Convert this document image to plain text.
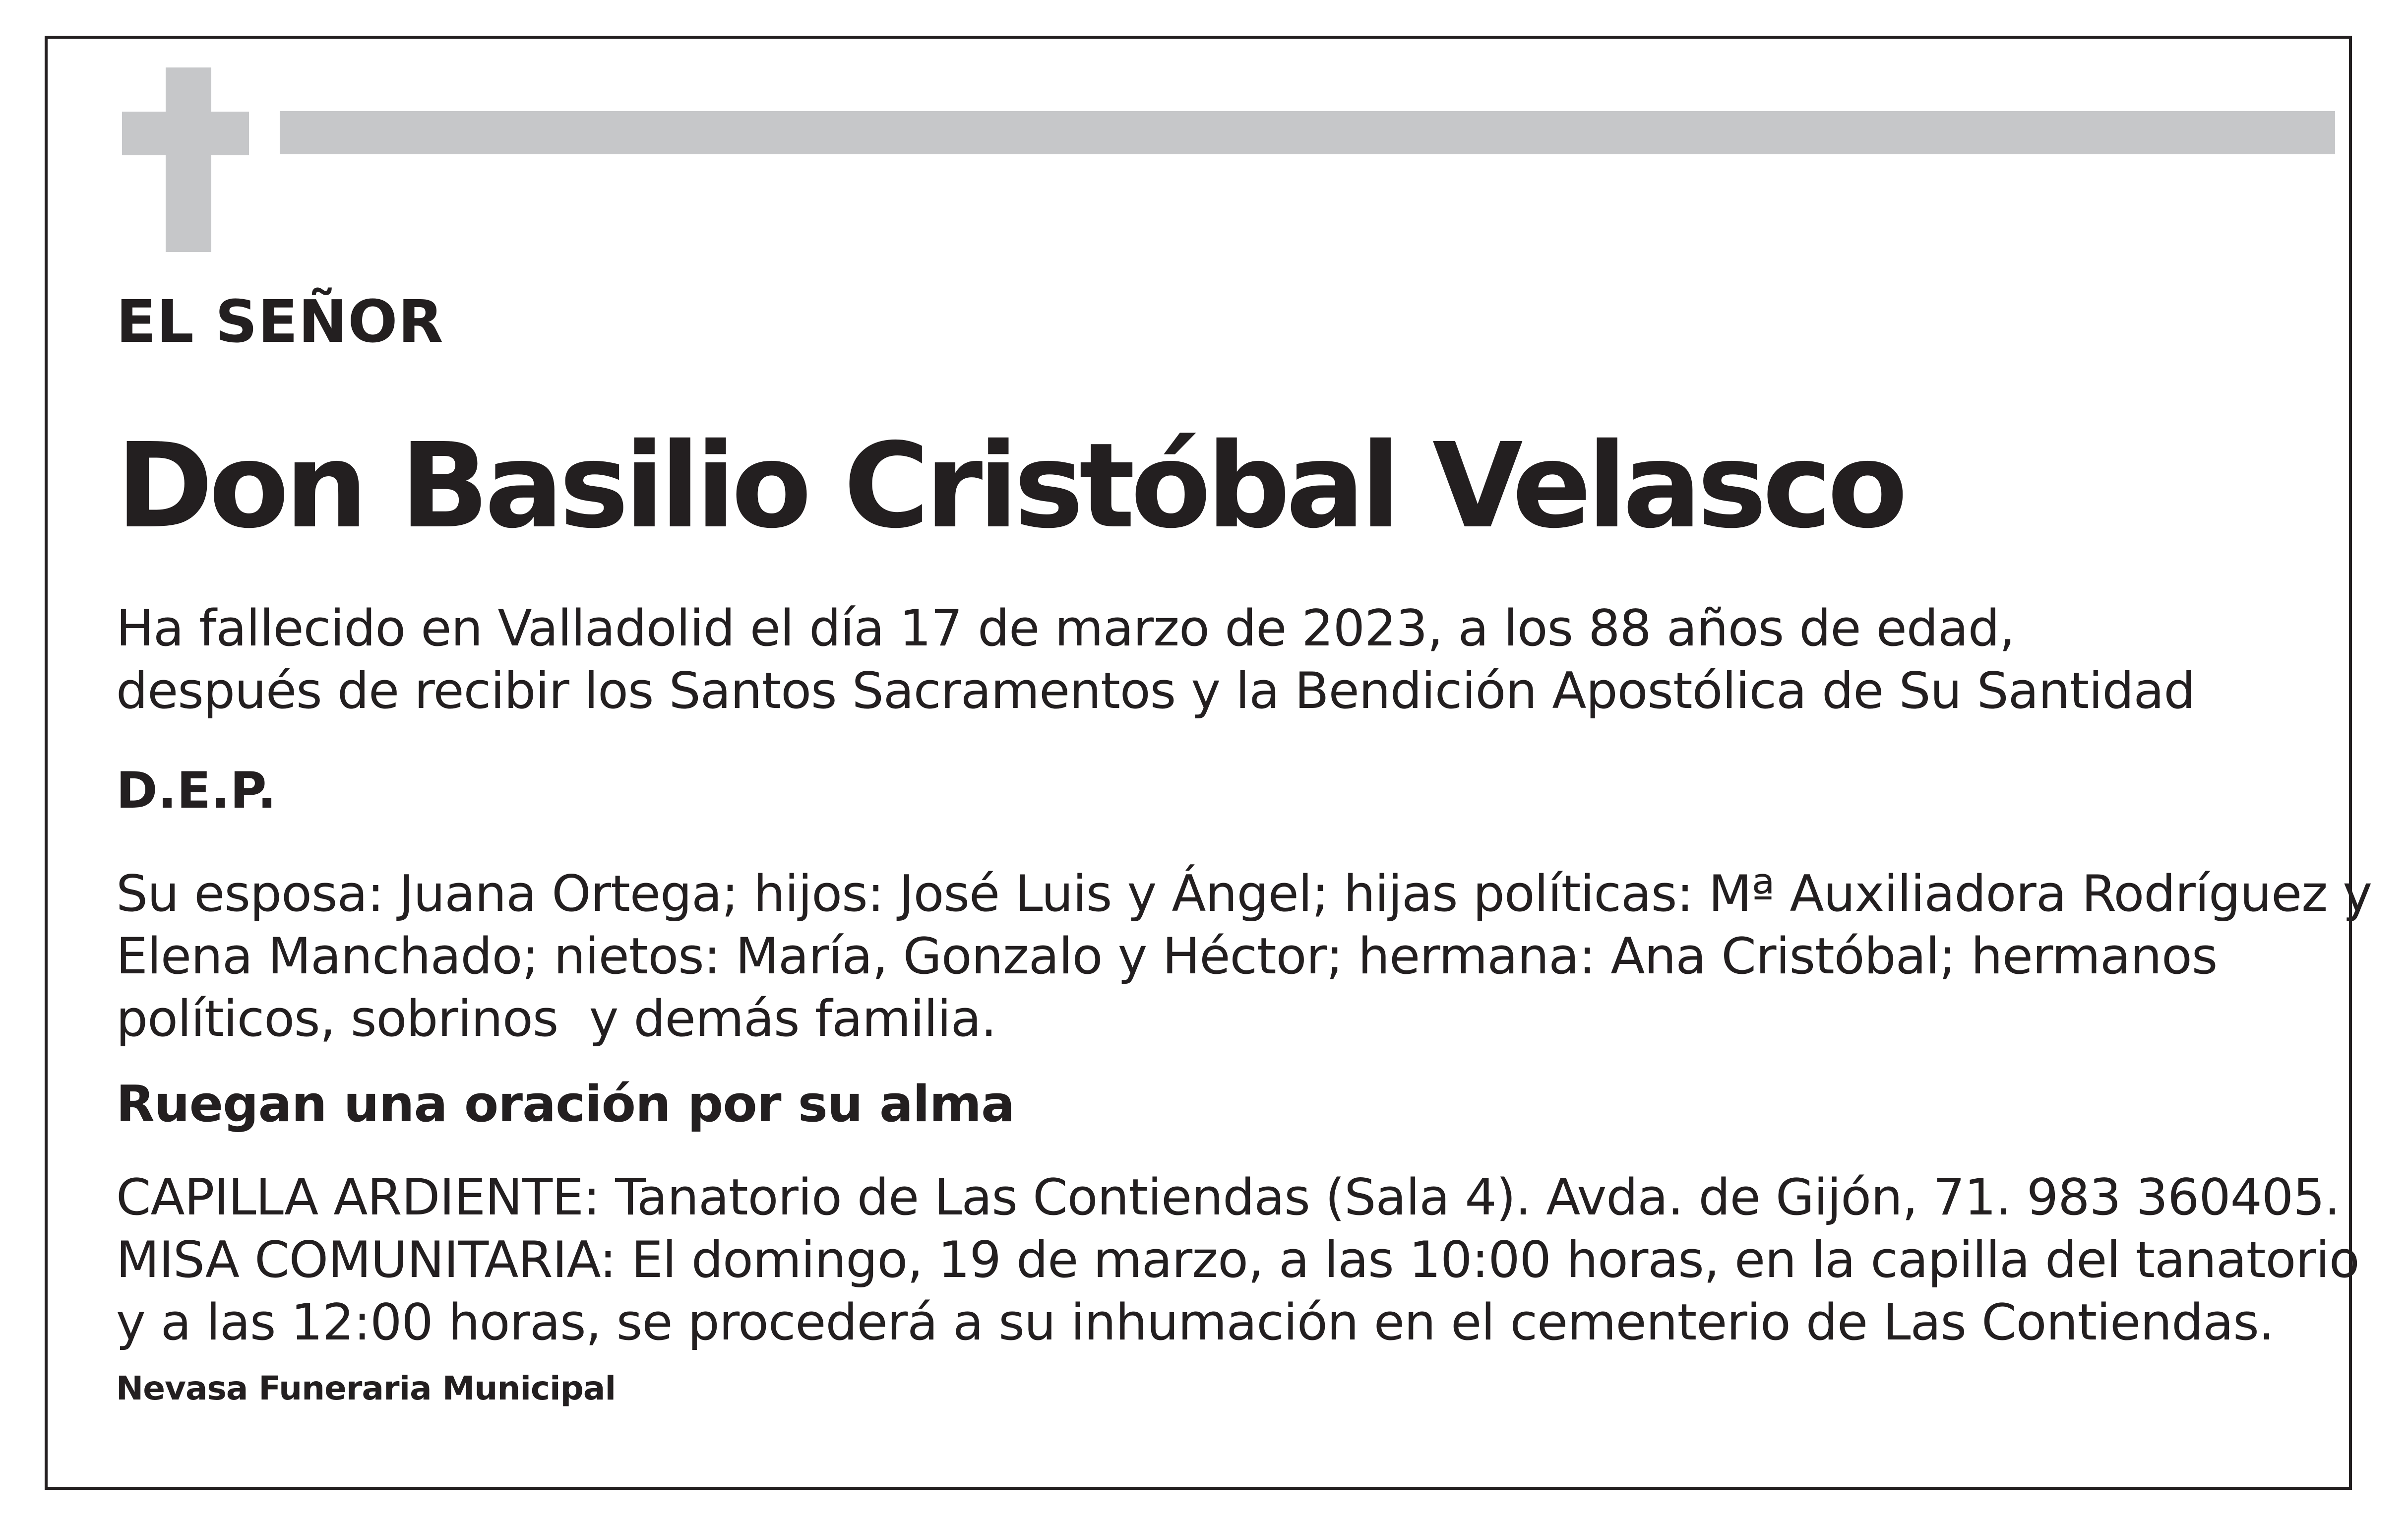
EL SEÑOR

Don Basilio Cristóbal Velasco

Ha fallecido en Valladolid el día 17 de marzo de 2023, a los 88 años de edad,
después de recibir los Santos Sacramentos y la Bendición Apostólica de Su Santidad

D.E.P.

Su esposa: Juana Ortega; hijos: José Luis y Ángel; hijas políticas: Mª Auxiliadora Rodríguez y
Elena Manchado; nietos: María, Gonzalo y Héctor; hermana: Ana Cristóbal; hermanos
políticos, sobrinos  y demás familia.

Ruegan una oración por su alma

CAPILLA ARDIENTE: Tanatorio de Las Contiendas (Sala 4). Avda. de Gijón, 71. 983 360405.
MISA COMUNITARIA: El domingo, 19 de marzo, a las 10:00 horas, en la capilla del tanatorio
y a las 12:00 horas, se procederá a su inhumación en el cementerio de Las Contiendas.

Nevasa Funeraria Municipal
